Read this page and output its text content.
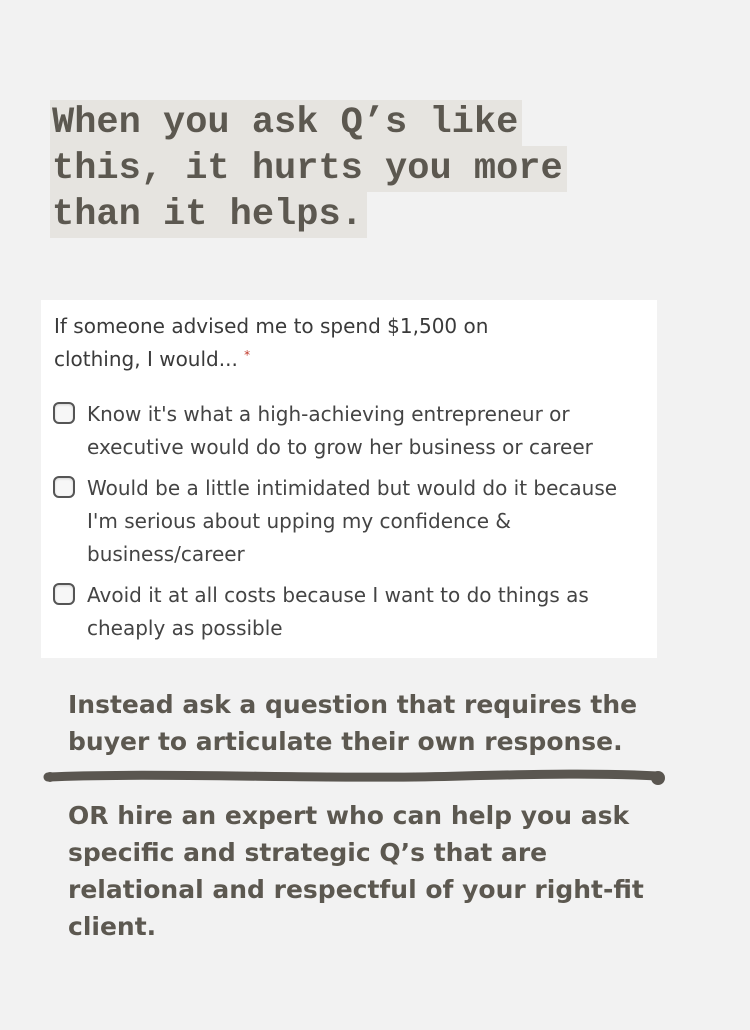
When you ask Q’s like
this, it hurts you more
than it helps.
If someone advised me to spend $1,500 on clothing, I would... *
Know it's what a high-achieving entrepreneur or executive would do to grow her business or career
Would be a little intimidated but would do it because I'm serious about upping my confidence & business/career
Avoid it at all costs because I want to do things as cheaply as possible
Instead ask a question that requires the buyer to articulate their own response.
OR hire an expert who can help you ask specific and strategic Q’s that are relational and respectful of your right-fit client.
